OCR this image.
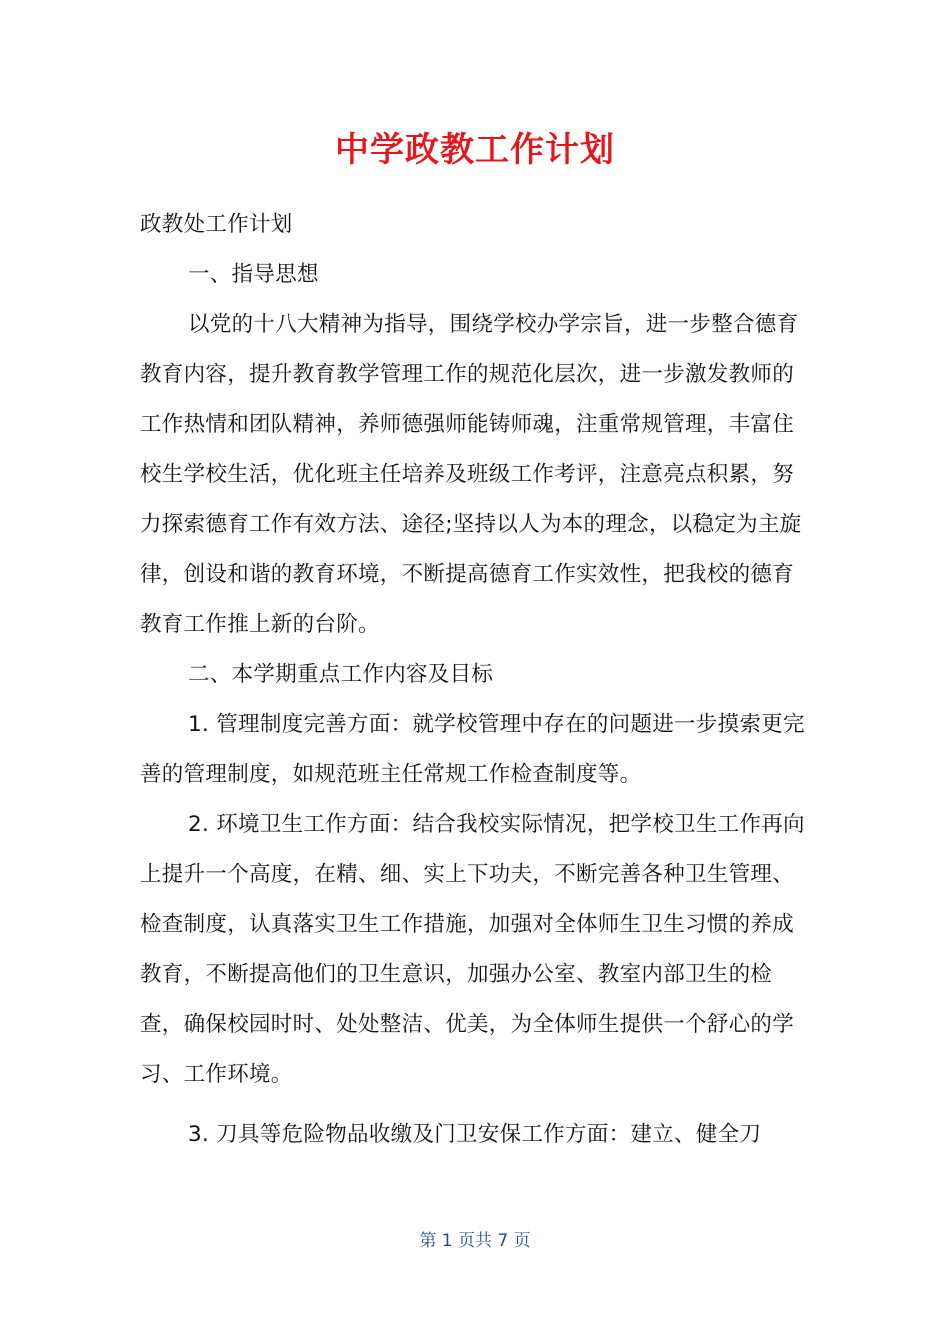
中学政教工作计划

政教处工作计划

一、指导思想

以党的十八大精神为指导，围绕学校办学宗旨，进一步整合德育教育内容，提升教育教学管理工作的规范化层次，进一步激发教师的工作热情和团队精神，养师德强师能铸师魂，注重常规管理，丰富住校生学校生活，优化班主任培养及班级工作考评，注意亮点积累，努力探索德育工作有效方法、途径;坚持以人为本的理念，以稳定为主旋律，创设和谐的教育环境，不断提高德育工作实效性，把我校的德育教育工作推上新的台阶。

二、本学期重点工作内容及目标

1. 管理制度完善方面：就学校管理中存在的问题进一步摸索更完善的管理制度，如规范班主任常规工作检查制度等。

2. 环境卫生工作方面：结合我校实际情况，把学校卫生工作再向上提升一个高度，在精、细、实上下功夫，不断完善各种卫生管理、检查制度，认真落实卫生工作措施，加强对全体师生卫生习惯的养成教育，不断提高他们的卫生意识，加强办公室、教室内部卫生的检查，确保校园时时、处处整洁、优美，为全体师生提供一个舒心的学习、工作环境。

3. 刀具等危险物品收缴及门卫安保工作方面：建立、健全刀

第 1 页共 7 页
